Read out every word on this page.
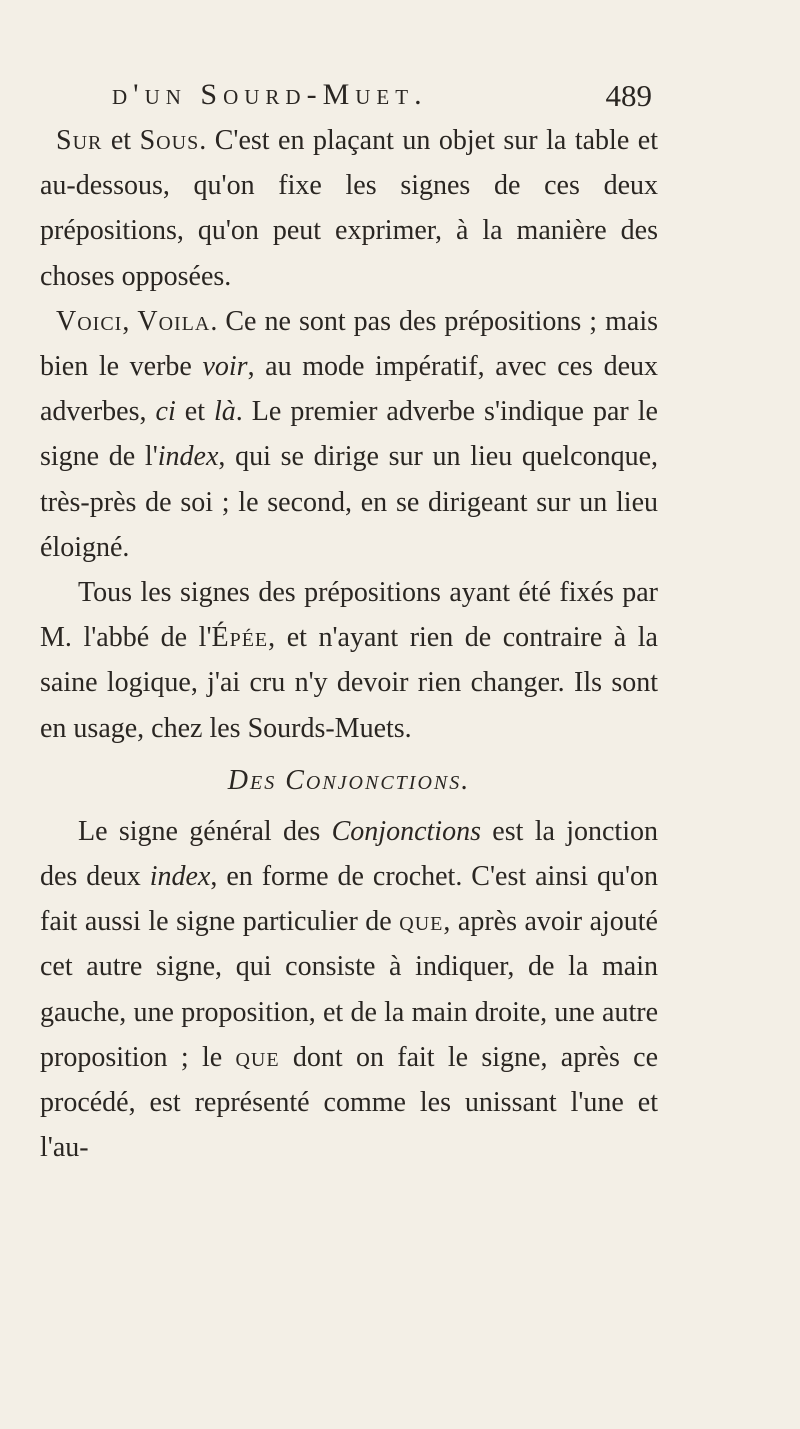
d'un Sourd-Muet.	489

Sur et Sous. C'est en plaçant un objet sur la table et au-dessous, qu'on fixe les signes de ces deux prépositions, qu'on peut exprimer, à la manière des choses opposées.

Voici, Voila. Ce ne sont pas des prépositions ; mais bien le verbe voir, au mode impératif, avec ces deux adverbes, ci et là. Le premier adverbe s'indique par le signe de l'index, qui se dirige sur un lieu quelconque, très-près de soi ; le second, en se dirigeant sur un lieu éloigné.

Tous les signes des prépositions ayant été fixés par M. l'abbé de l'Épée, et n'ayant rien de contraire à la saine logique, j'ai cru n'y devoir rien changer. Ils sont en usage, chez les Sourds-Muets.

Des Conjonctions.

Le signe général des Conjonctions est la jonction des deux index, en forme de crochet. C'est ainsi qu'on fait aussi le signe particulier de que, après avoir ajouté cet autre signe, qui consiste à indiquer, de la main gauche, une proposition, et de la main droite, une autre proposition ; le que dont on fait le signe, après ce procédé, est représenté comme les unissant l'une et l'au-
